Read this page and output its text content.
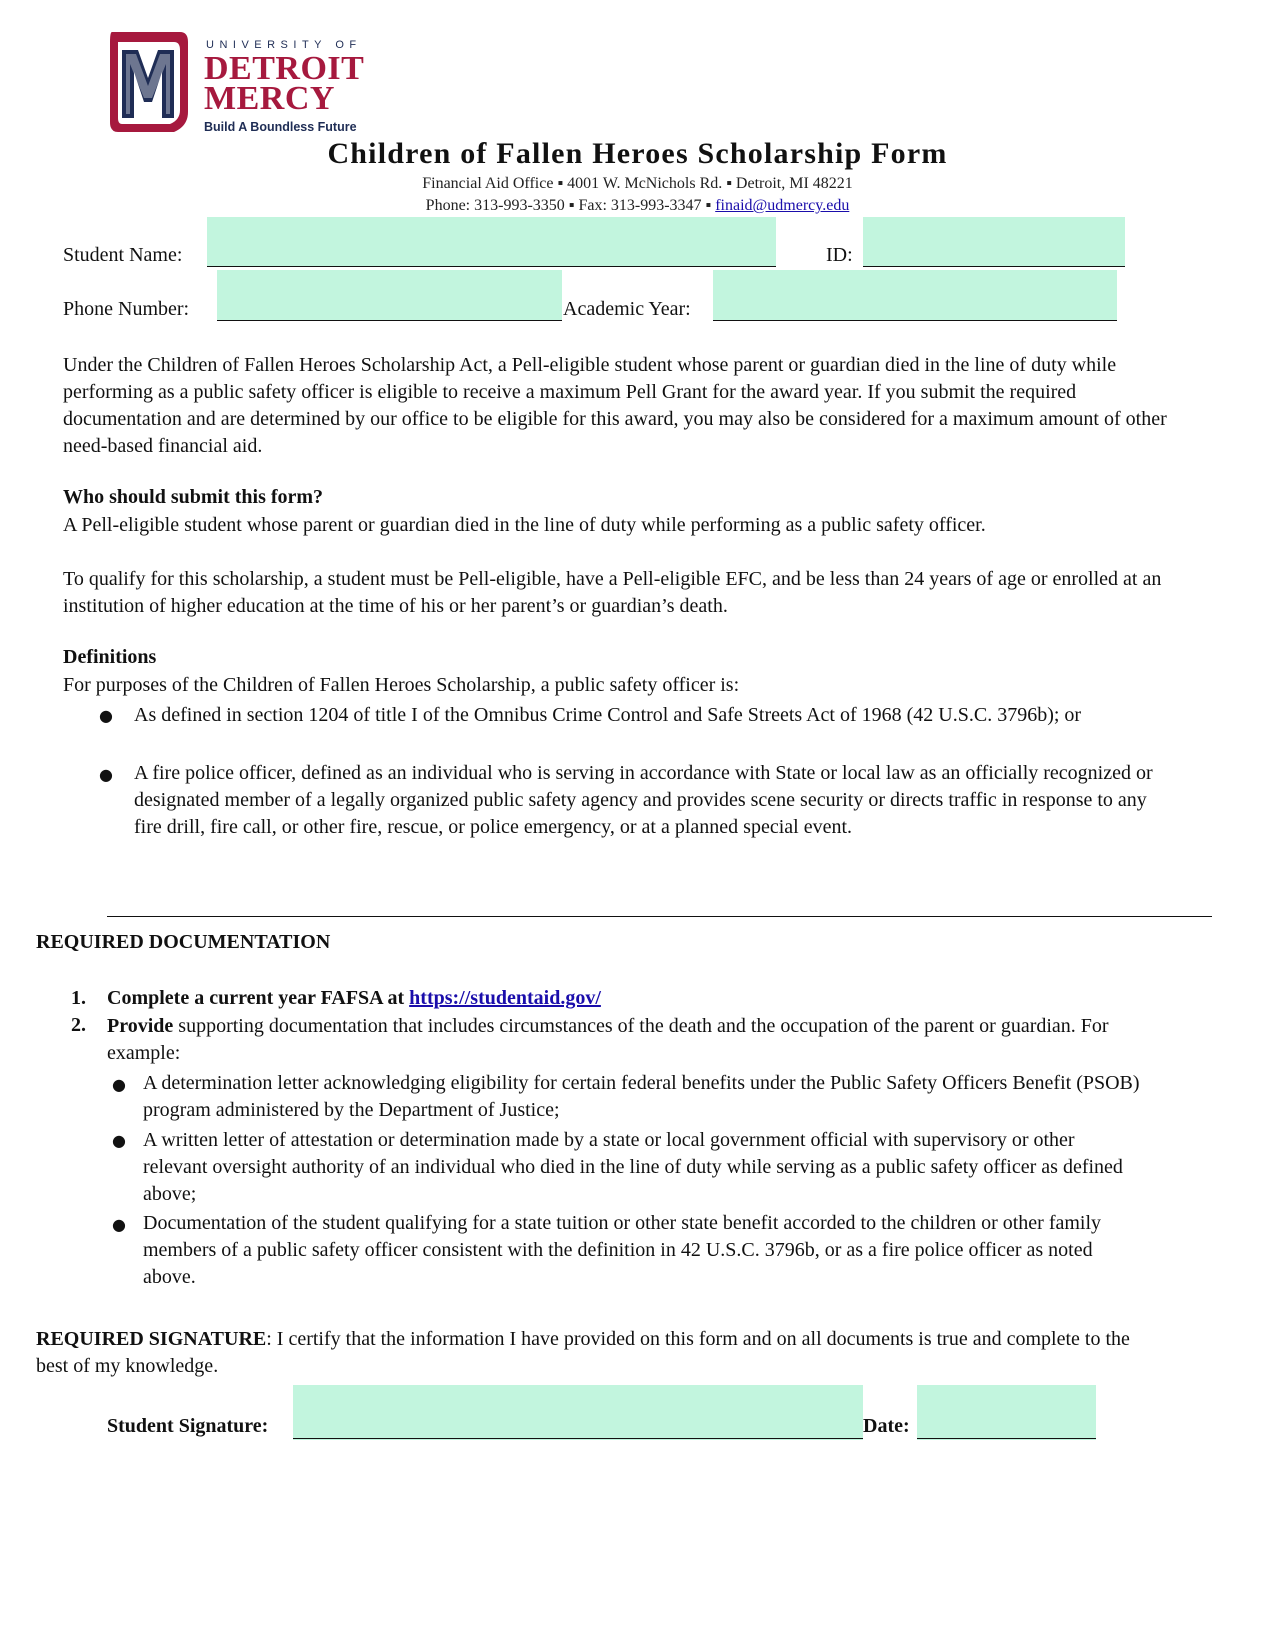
UNIVERSITY OF
DETROIT
MERCY
Build A Boundless Future
Children of Fallen Heroes Scholarship Form
Financial Aid Office ▪ 4001 W. McNichols Rd. ▪ Detroit, MI 48221
Phone: 313-993-3350 ▪ Fax: 313-993-3347 ▪ finaid@udmercy.edu
Student Name:	ID:
Phone Number:	Academic Year:

Under the Children of Fallen Heroes Scholarship Act, a Pell-eligible student whose parent or guardian died in the line of duty while performing as a public safety officer is eligible to receive a maximum Pell Grant for the award year. If you submit the required documentation and are determined by our office to be eligible for this award, you may also be considered for a maximum amount of other need-based financial aid.

Who should submit this form?

A Pell-eligible student whose parent or guardian died in the line of duty while performing as a public safety officer.

To qualify for this scholarship, a student must be Pell-eligible, have a Pell-eligible EFC, and be less than 24 years of age or enrolled at an institution of higher education at the time of his or her parent’s or guardian’s death.

Definitions

For purposes of the Children of Fallen Heroes Scholarship, a public safety officer is:

● As defined in section 1204 of title I of the Omnibus Crime Control and Safe Streets Act of 1968 (42 U.S.C. 3796b); or

● A fire police officer, defined as an individual who is serving in accordance with State or local law as an officially recognized or designated member of a legally organized public safety agency and provides scene security or directs traffic in response to any fire drill, fire call, or other fire, rescue, or police emergency, or at a planned special event.

REQUIRED DOCUMENTATION
1. Complete a current year FAFSA at https://studentaid.gov/
2. Provide supporting documentation that includes circumstances of the death and the occupation of the parent or guardian. For example:

● A determination letter acknowledging eligibility for certain federal benefits under the Public Safety Officers Benefit (PSOB) program administered by the Department of Justice;

● A written letter of attestation or determination made by a state or local government official with supervisory or other relevant oversight authority of an individual who died in the line of duty while serving as a public safety officer as defined above;

● Documentation of the student qualifying for a state tuition or other state benefit accorded to the children or other family members of a public safety officer consistent with the definition in 42 U.S.C. 3796b, or as a fire police officer as noted above.

REQUIRED SIGNATURE: I certify that the information I have provided on this form and on all documents is true and complete to the best of my knowledge.

Student Signature:	Date:
